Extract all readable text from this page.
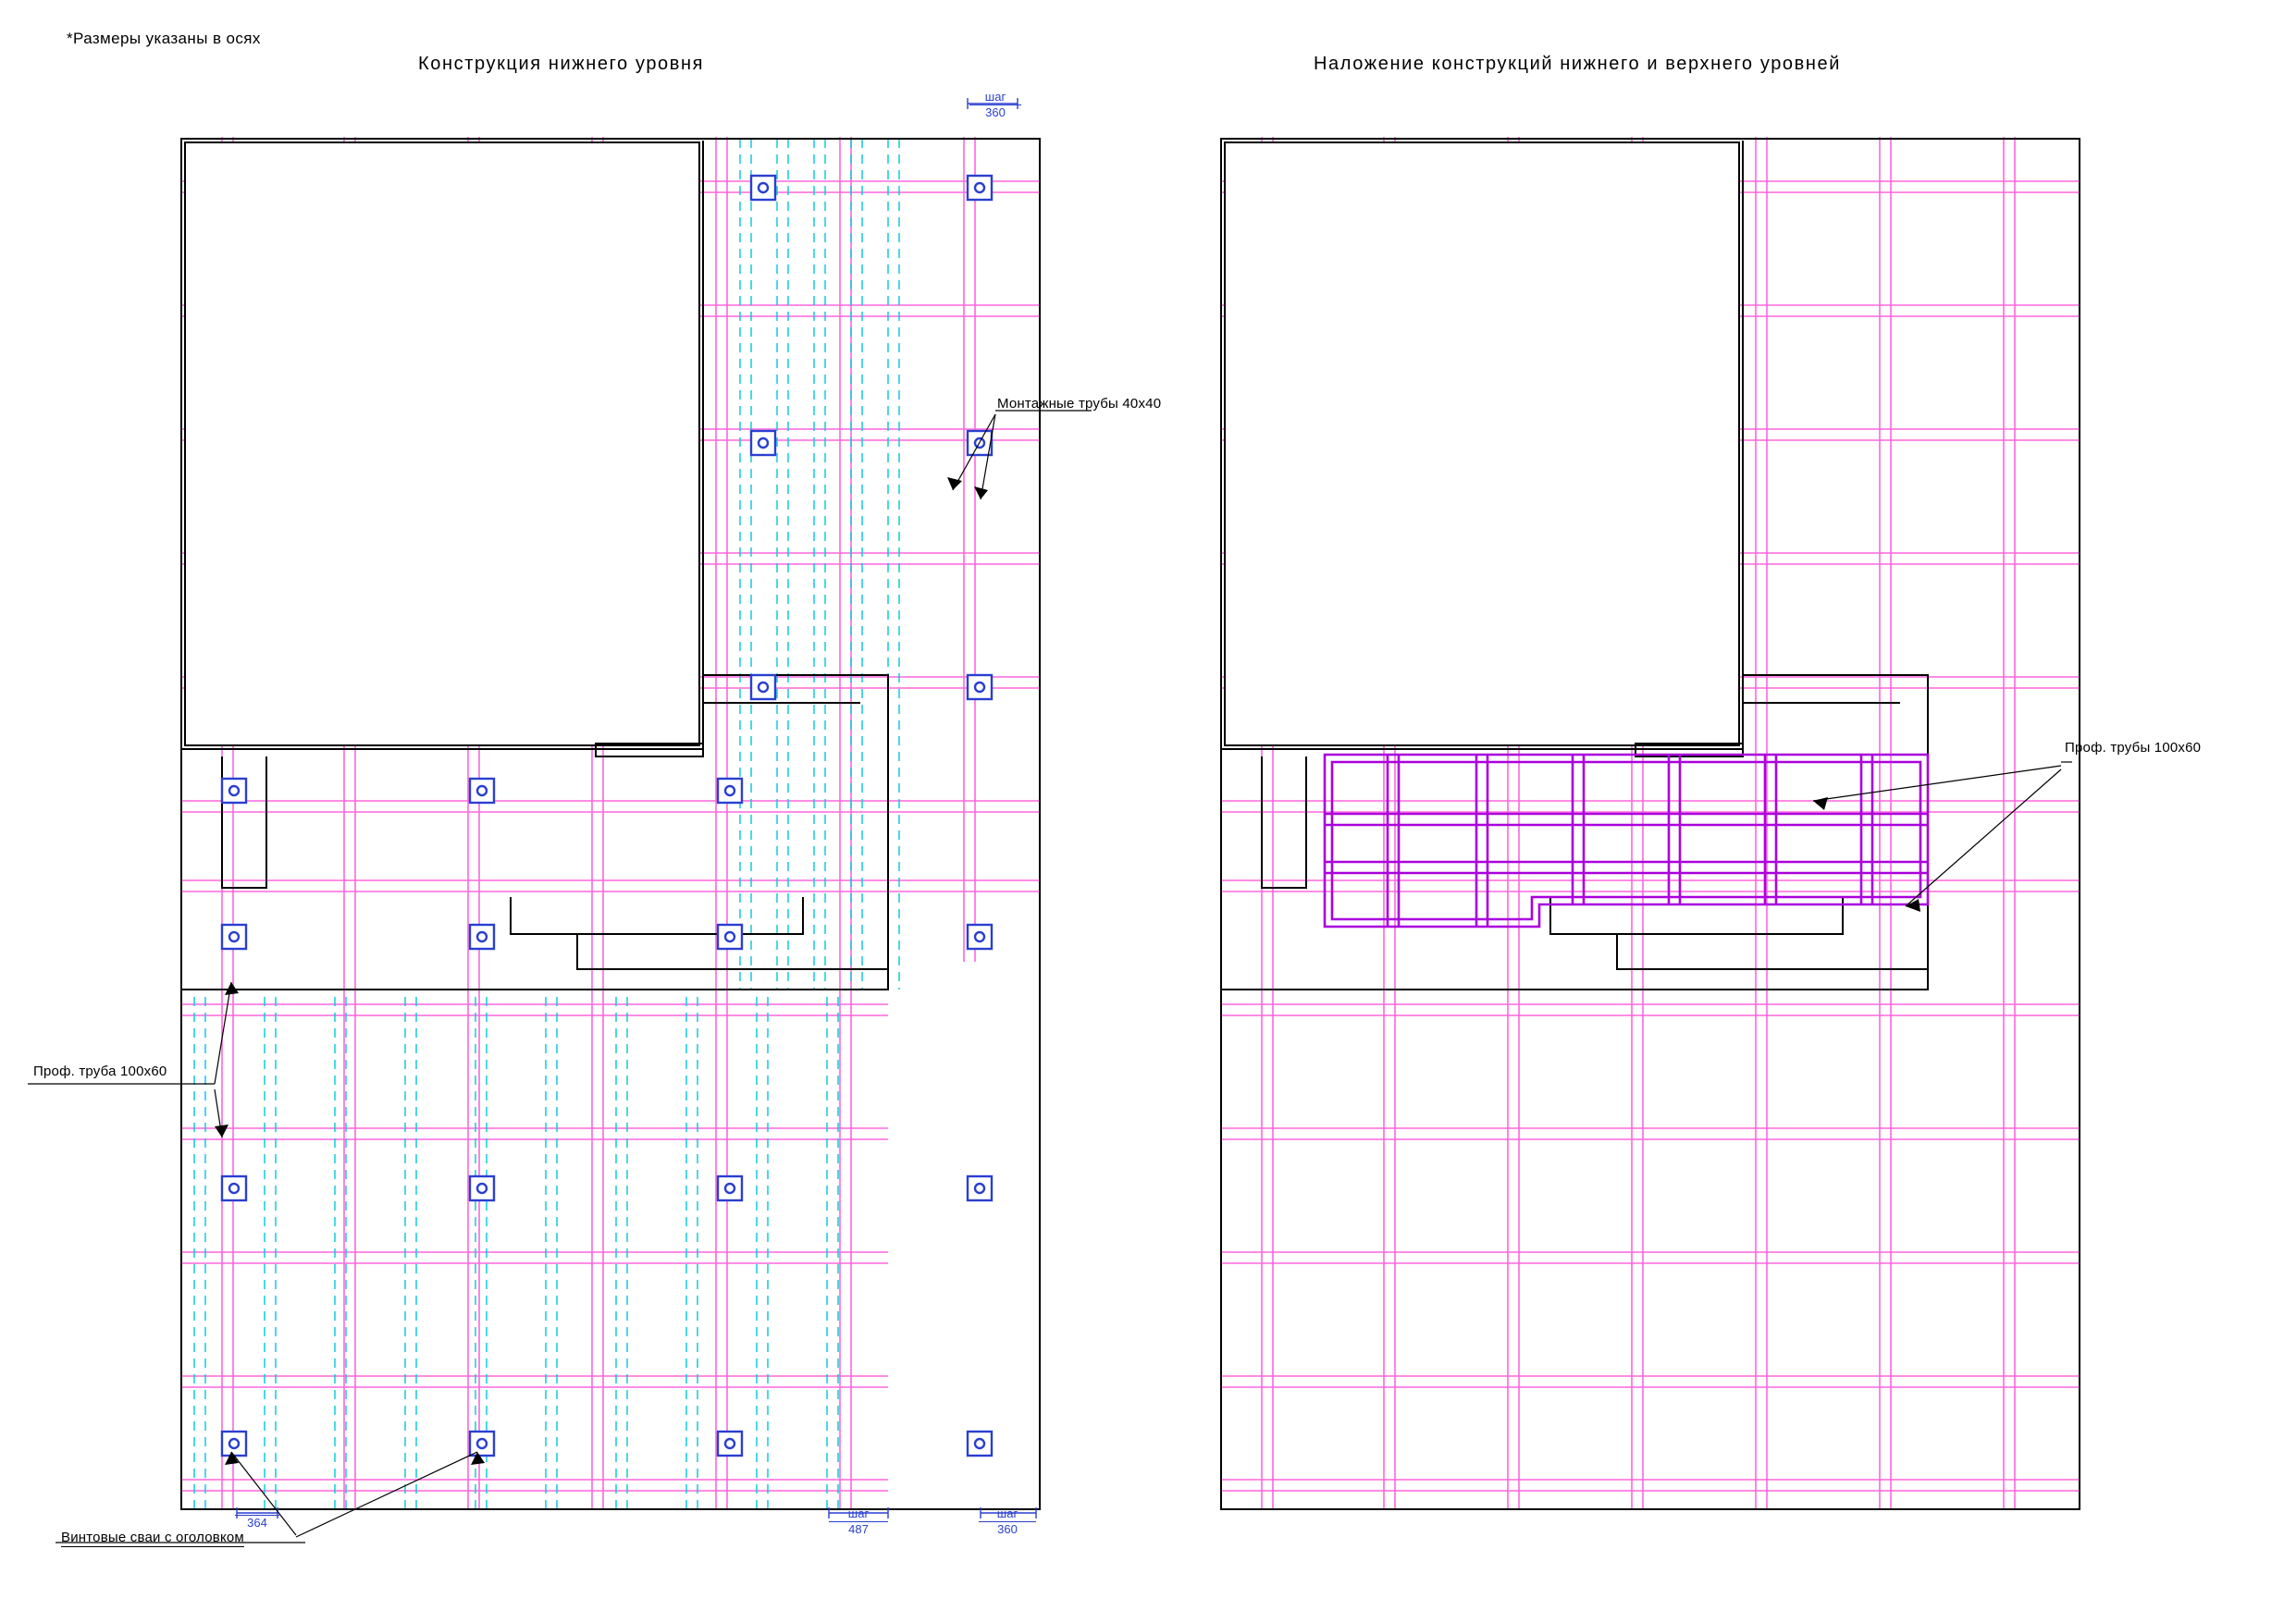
*Размеры указаны в осях
Конструкция нижнего уровня	Наложение конструкций нижнего и верхнего уровней
Монтажные трубы 40x40
Проф. труба 100x60
Проф. трубы 100x60
Винтовые сваи с оголовком
шаг
360
364
шаг
487
шаг
360
